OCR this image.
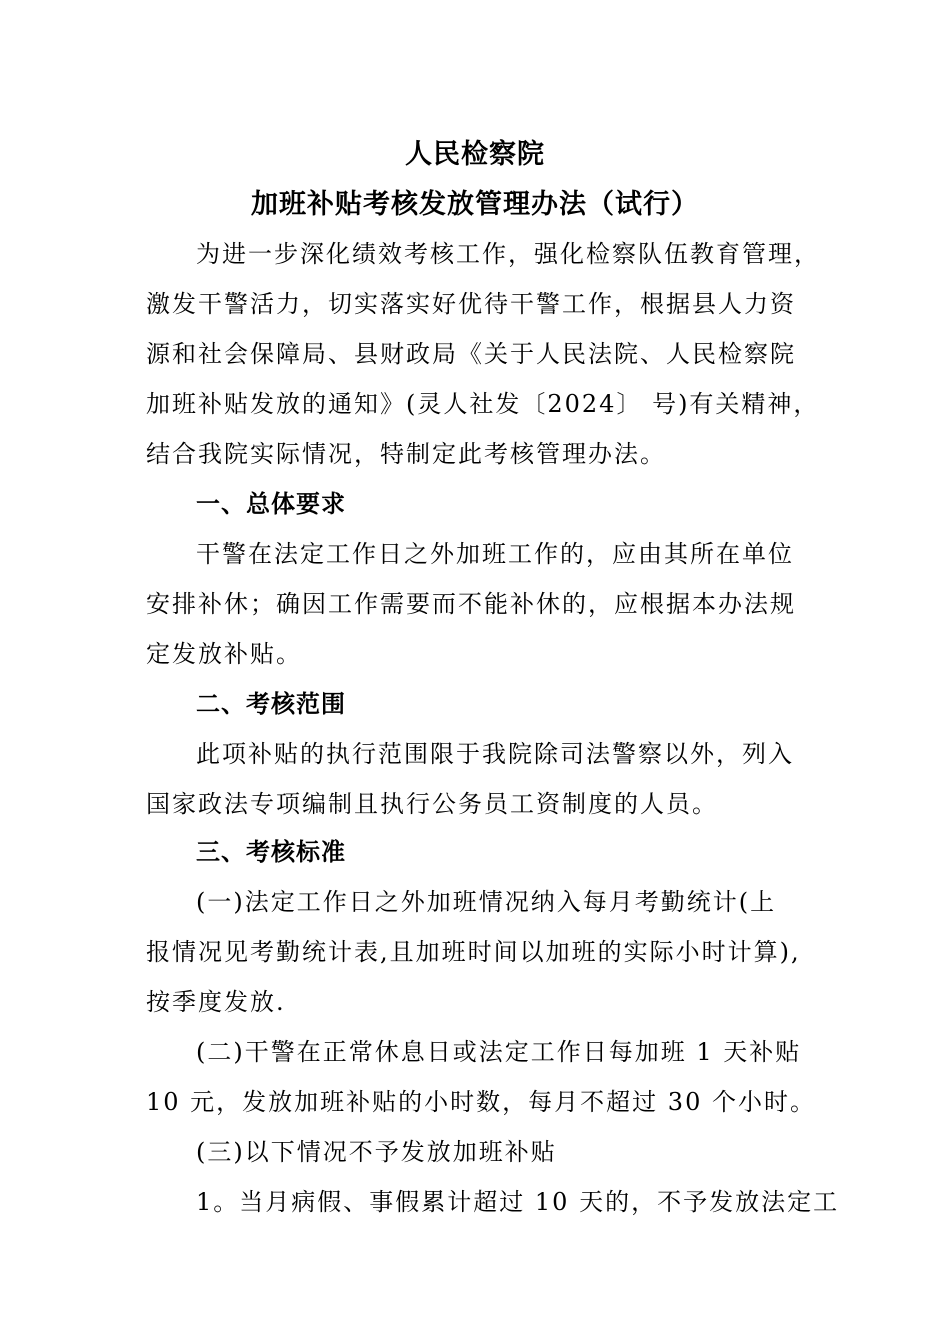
人民检察院
加班补贴考核发放管理办法（试行）
为进一步深化绩效考核工作，强化检察队伍教育管理，
激发干警活力，切实落实好优待干警工作，根据县人力资
源和社会保障局、县财政局《关于人民法院、人民检察院
加班补贴发放的通知》(灵人社发〔2024〕 号)有关精神，
结合我院实际情况，特制定此考核管理办法。
一、总体要求
干警在法定工作日之外加班工作的，应由其所在单位
安排补休；确因工作需要而不能补休的，应根据本办法规
定发放补贴。
二、考核范围
此项补贴的执行范围限于我院除司法警察以外，列入
国家政法专项编制且执行公务员工资制度的人员。
三、考核标准
(一)法定工作日之外加班情况纳入每月考勤统计(上
报情况见考勤统计表,且加班时间以加班的实际小时计算),
按季度发放.
(二)干警在正常休息日或法定工作日每加班 1 天补贴
10 元，发放加班补贴的小时数，每月不超过 30 个小时。
(三)以下情况不予发放加班补贴
1。当月病假、事假累计超过 10 天的，不予发放法定工
